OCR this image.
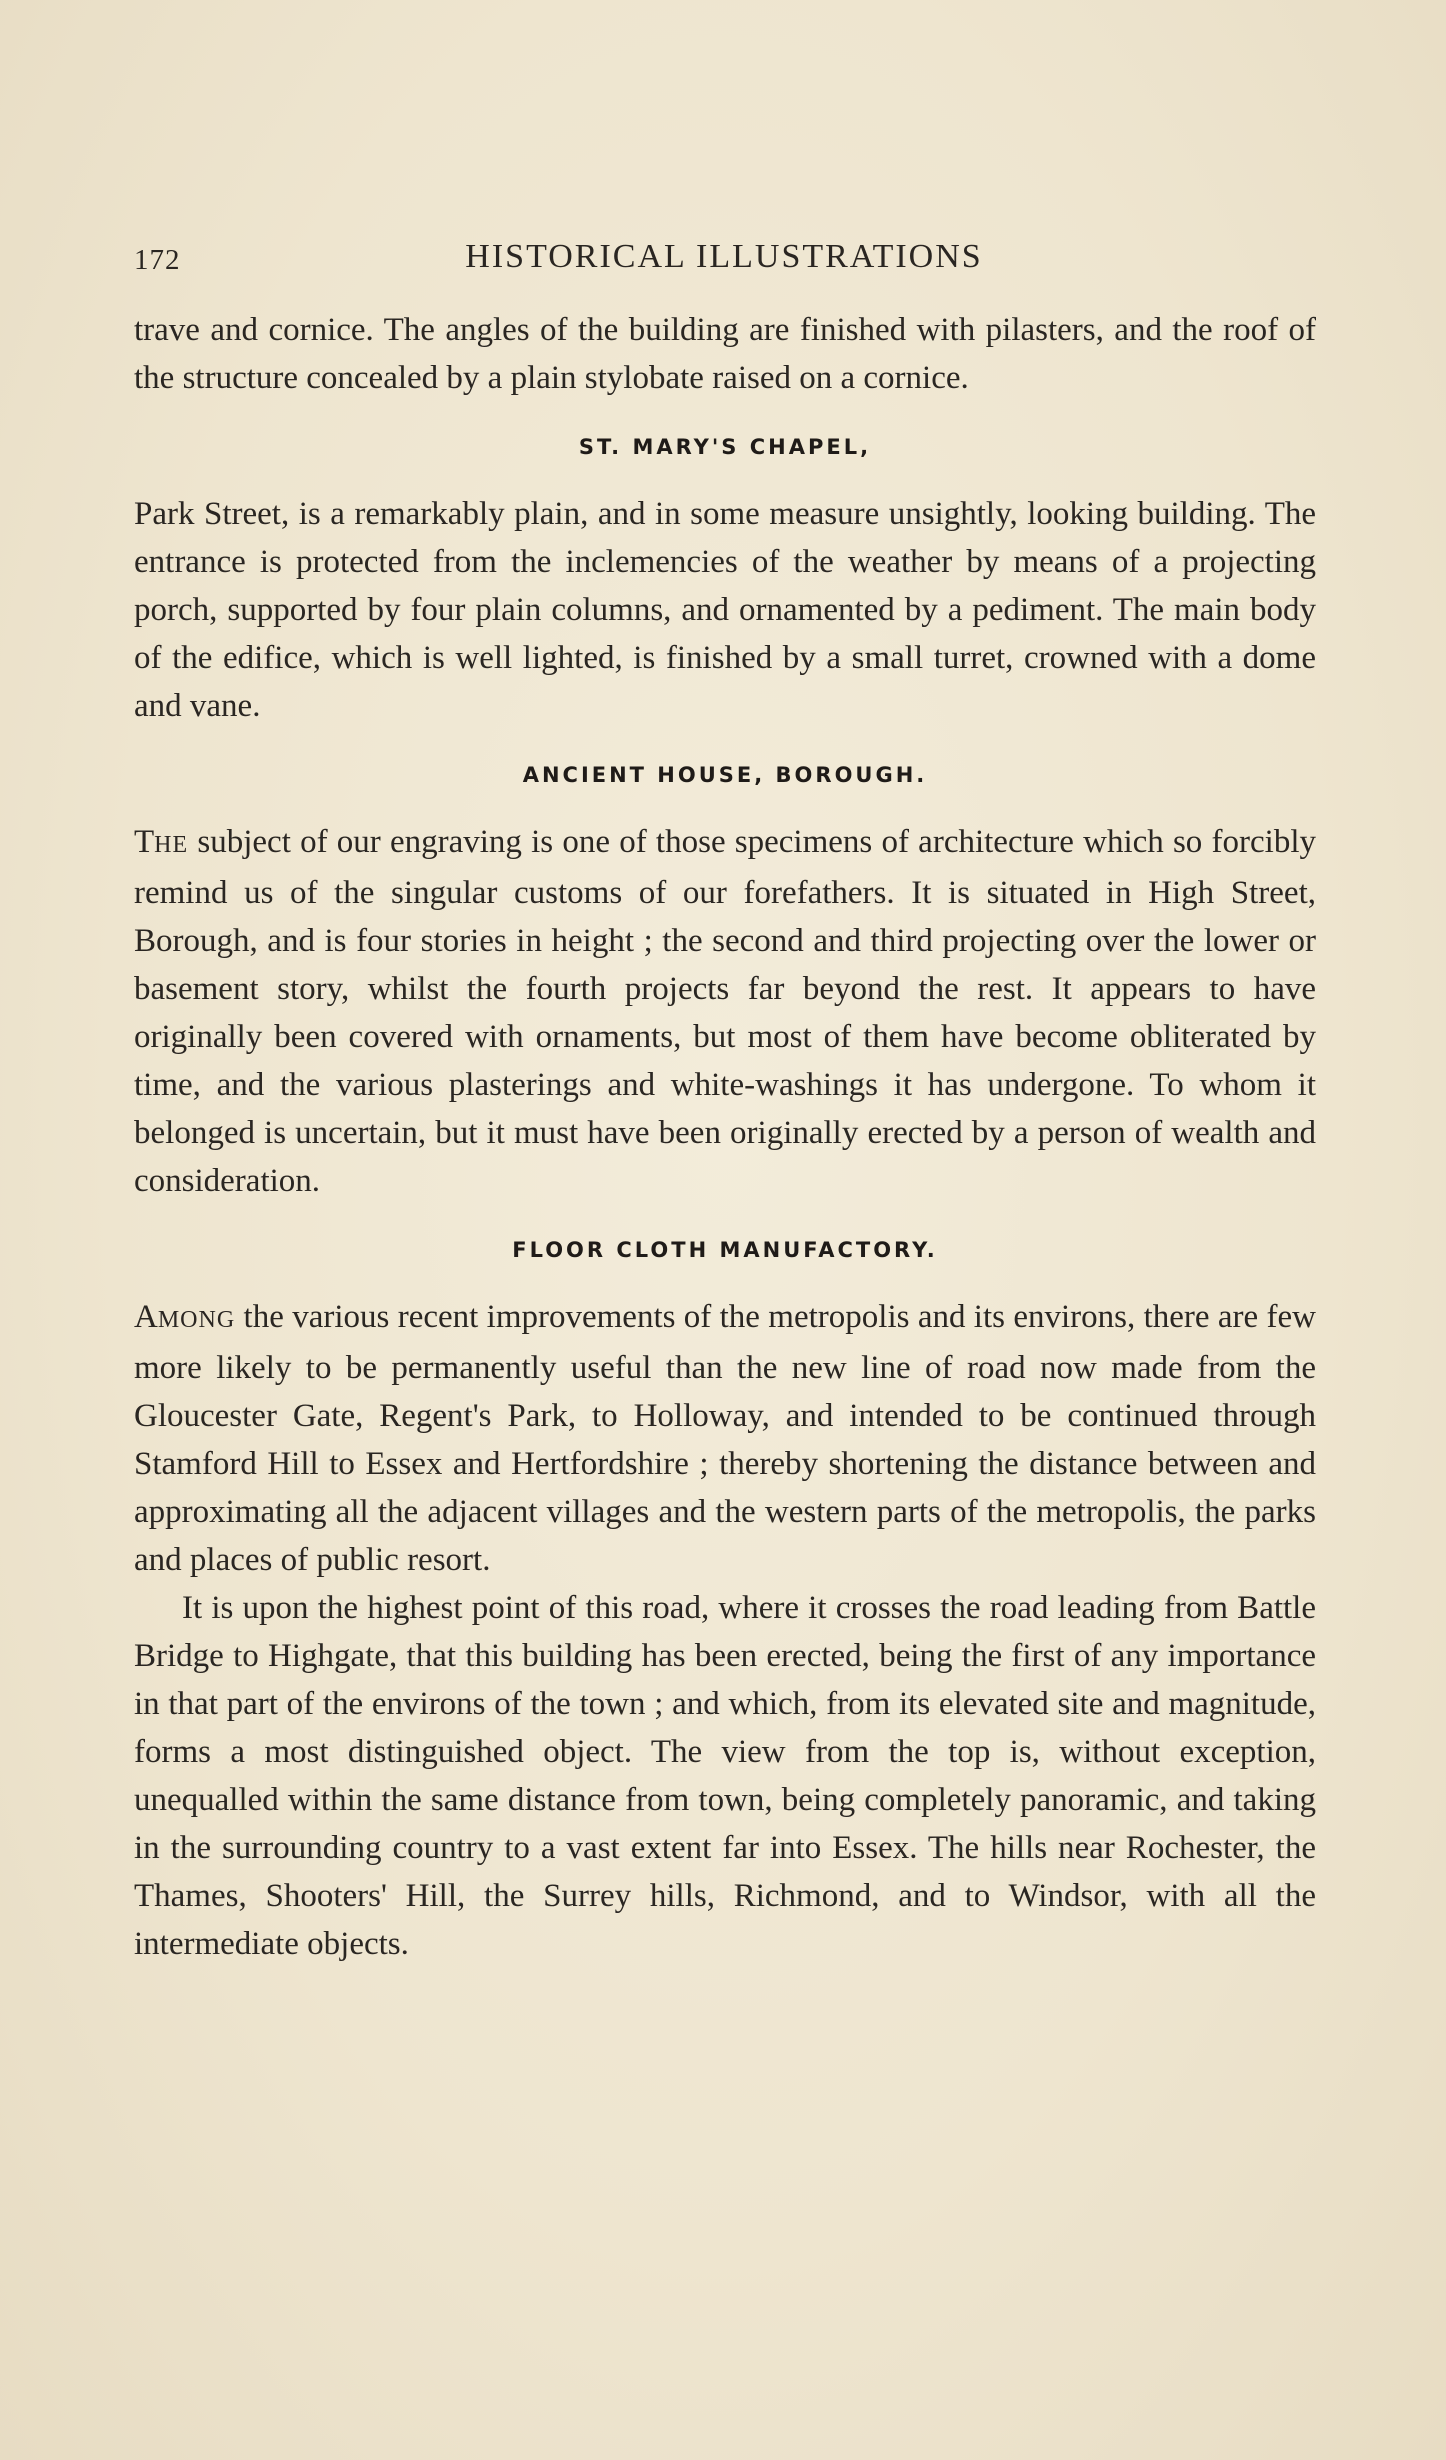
172	HISTORICAL ILLUSTRATIONS

trave and cornice. The angles of the building are finished with pilasters, and the roof of the structure concealed by a plain stylobate raised on a cornice.

ST. MARY'S CHAPEL,

Park Street, is a remarkably plain, and in some measure unsightly, looking building. The entrance is protected from the inclemencies of the weather by means of a projecting porch, supported by four plain columns, and ornamented by a pediment. The main body of the edifice, which is well lighted, is finished by a small turret, crowned with a dome and vane.

ANCIENT HOUSE, BOROUGH.

THE subject of our engraving is one of those specimens of architecture which so forcibly remind us of the singular customs of our forefathers. It is situated in High Street, Borough, and is four stories in height ; the second and third projecting over the lower or basement story, whilst the fourth projects far beyond the rest. It appears to have originally been covered with ornaments, but most of them have become obliterated by time, and the various plasterings and white-washings it has undergone. To whom it belonged is uncertain, but it must have been originally erected by a person of wealth and consideration.

FLOOR CLOTH MANUFACTORY.

AMONG the various recent improvements of the metropolis and its environs, there are few more likely to be permanently useful than the new line of road now made from the Gloucester Gate, Regent's Park, to Holloway, and intended to be continued through Stamford Hill to Essex and Hertfordshire ; thereby shortening the distance between and approximating all the adjacent villages and the western parts of the metropolis, the parks and places of public resort.

It is upon the highest point of this road, where it crosses the road leading from Battle Bridge to Highgate, that this building has been erected, being the first of any importance in that part of the environs of the town ; and which, from its elevated site and magnitude, forms a most distinguished object. The view from the top is, without exception, unequalled within the same distance from town, being completely panoramic, and taking in the surrounding country to a vast extent far into Essex. The hills near Rochester, the Thames, Shooters' Hill, the Surrey hills, Richmond, and to Windsor, with all the intermediate objects.
